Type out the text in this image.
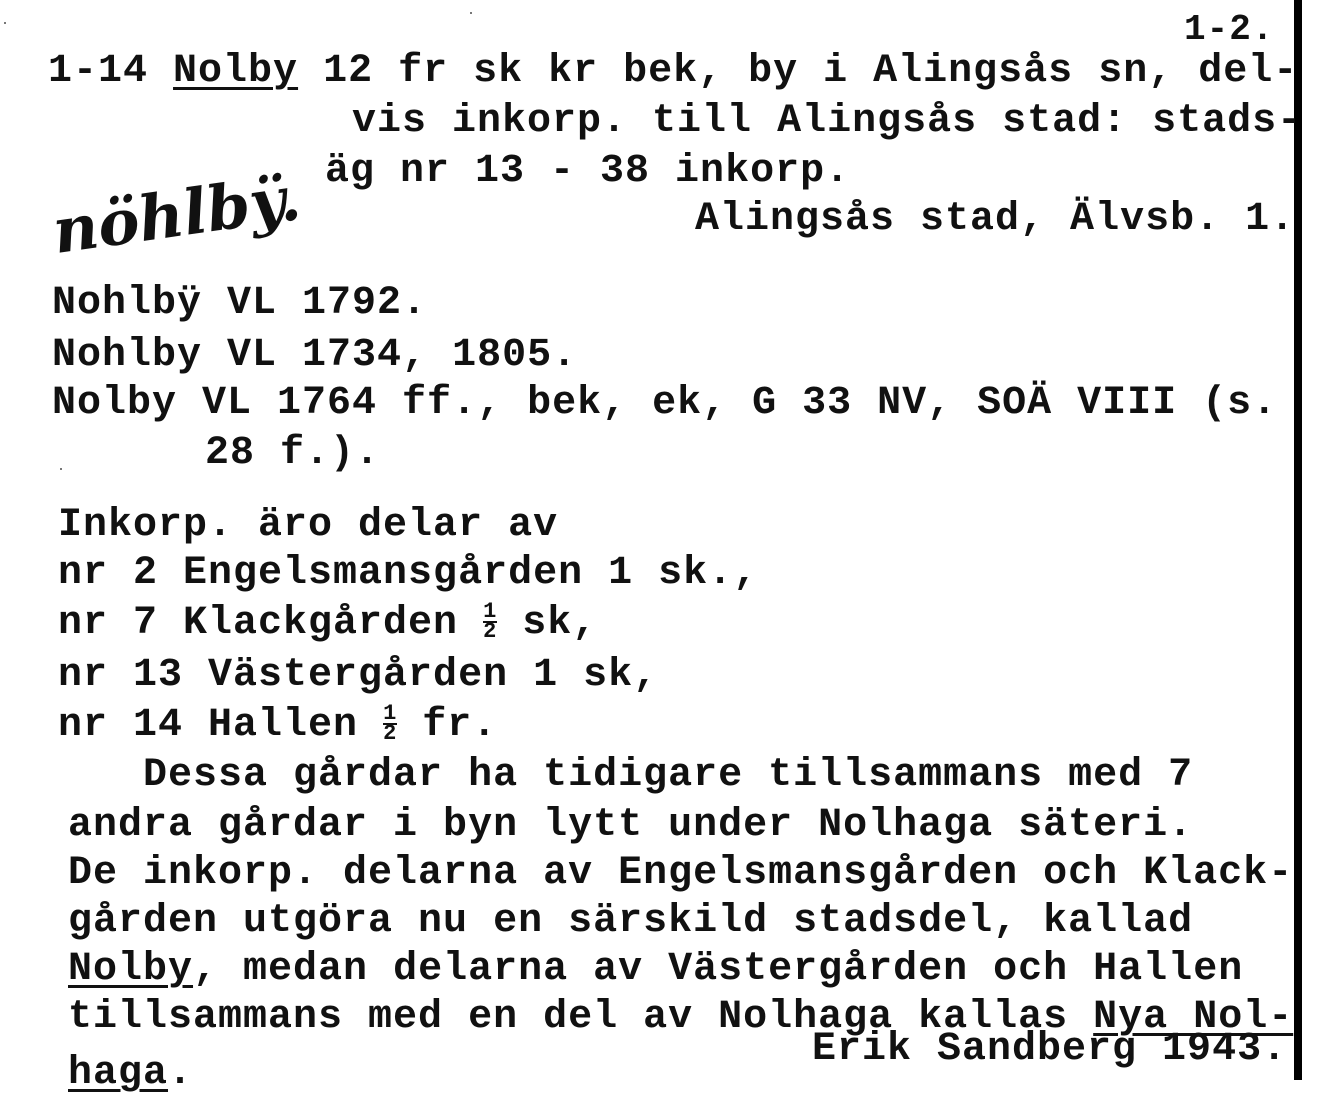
1-2.
1-14 Nolby 12 fr sk kr bek, by i Alingsås sn, del-
vis inkorp. till Alingsås stad: stads-
äg nr 13 - 38 inkorp.
Alingsås stad, Älvsb. 1.
nöhlbÿ.
Nohlbÿ VL 1792.
Nohlby VL 1734, 1805.
Nolby VL 1764 ff., bek, ek, G 33 NV, SOÄ VIII (s.
28 f.).
Inkorp. äro delar av
nr 2 Engelsmansgården 1 sk.,
nr 7 Klackgården $\frac{1}{2}$ sk,
nr 13 Västergården 1 sk,
nr 14 Hallen $\frac{1}{2}$ fr.
Dessa gårdar ha tidigare tillsammans med 7
andra gårdar i byn lytt under Nolhaga säteri.
De inkorp. delarna av Engelsmansgården och Klack-
gården utgöra nu en särskild stadsdel, kallad
Nolby, medan delarna av Västergården och Hallen
tillsammans med en del av Nolhaga kallas Nya Nol-
Erik Sandberg 1943.
haga.
